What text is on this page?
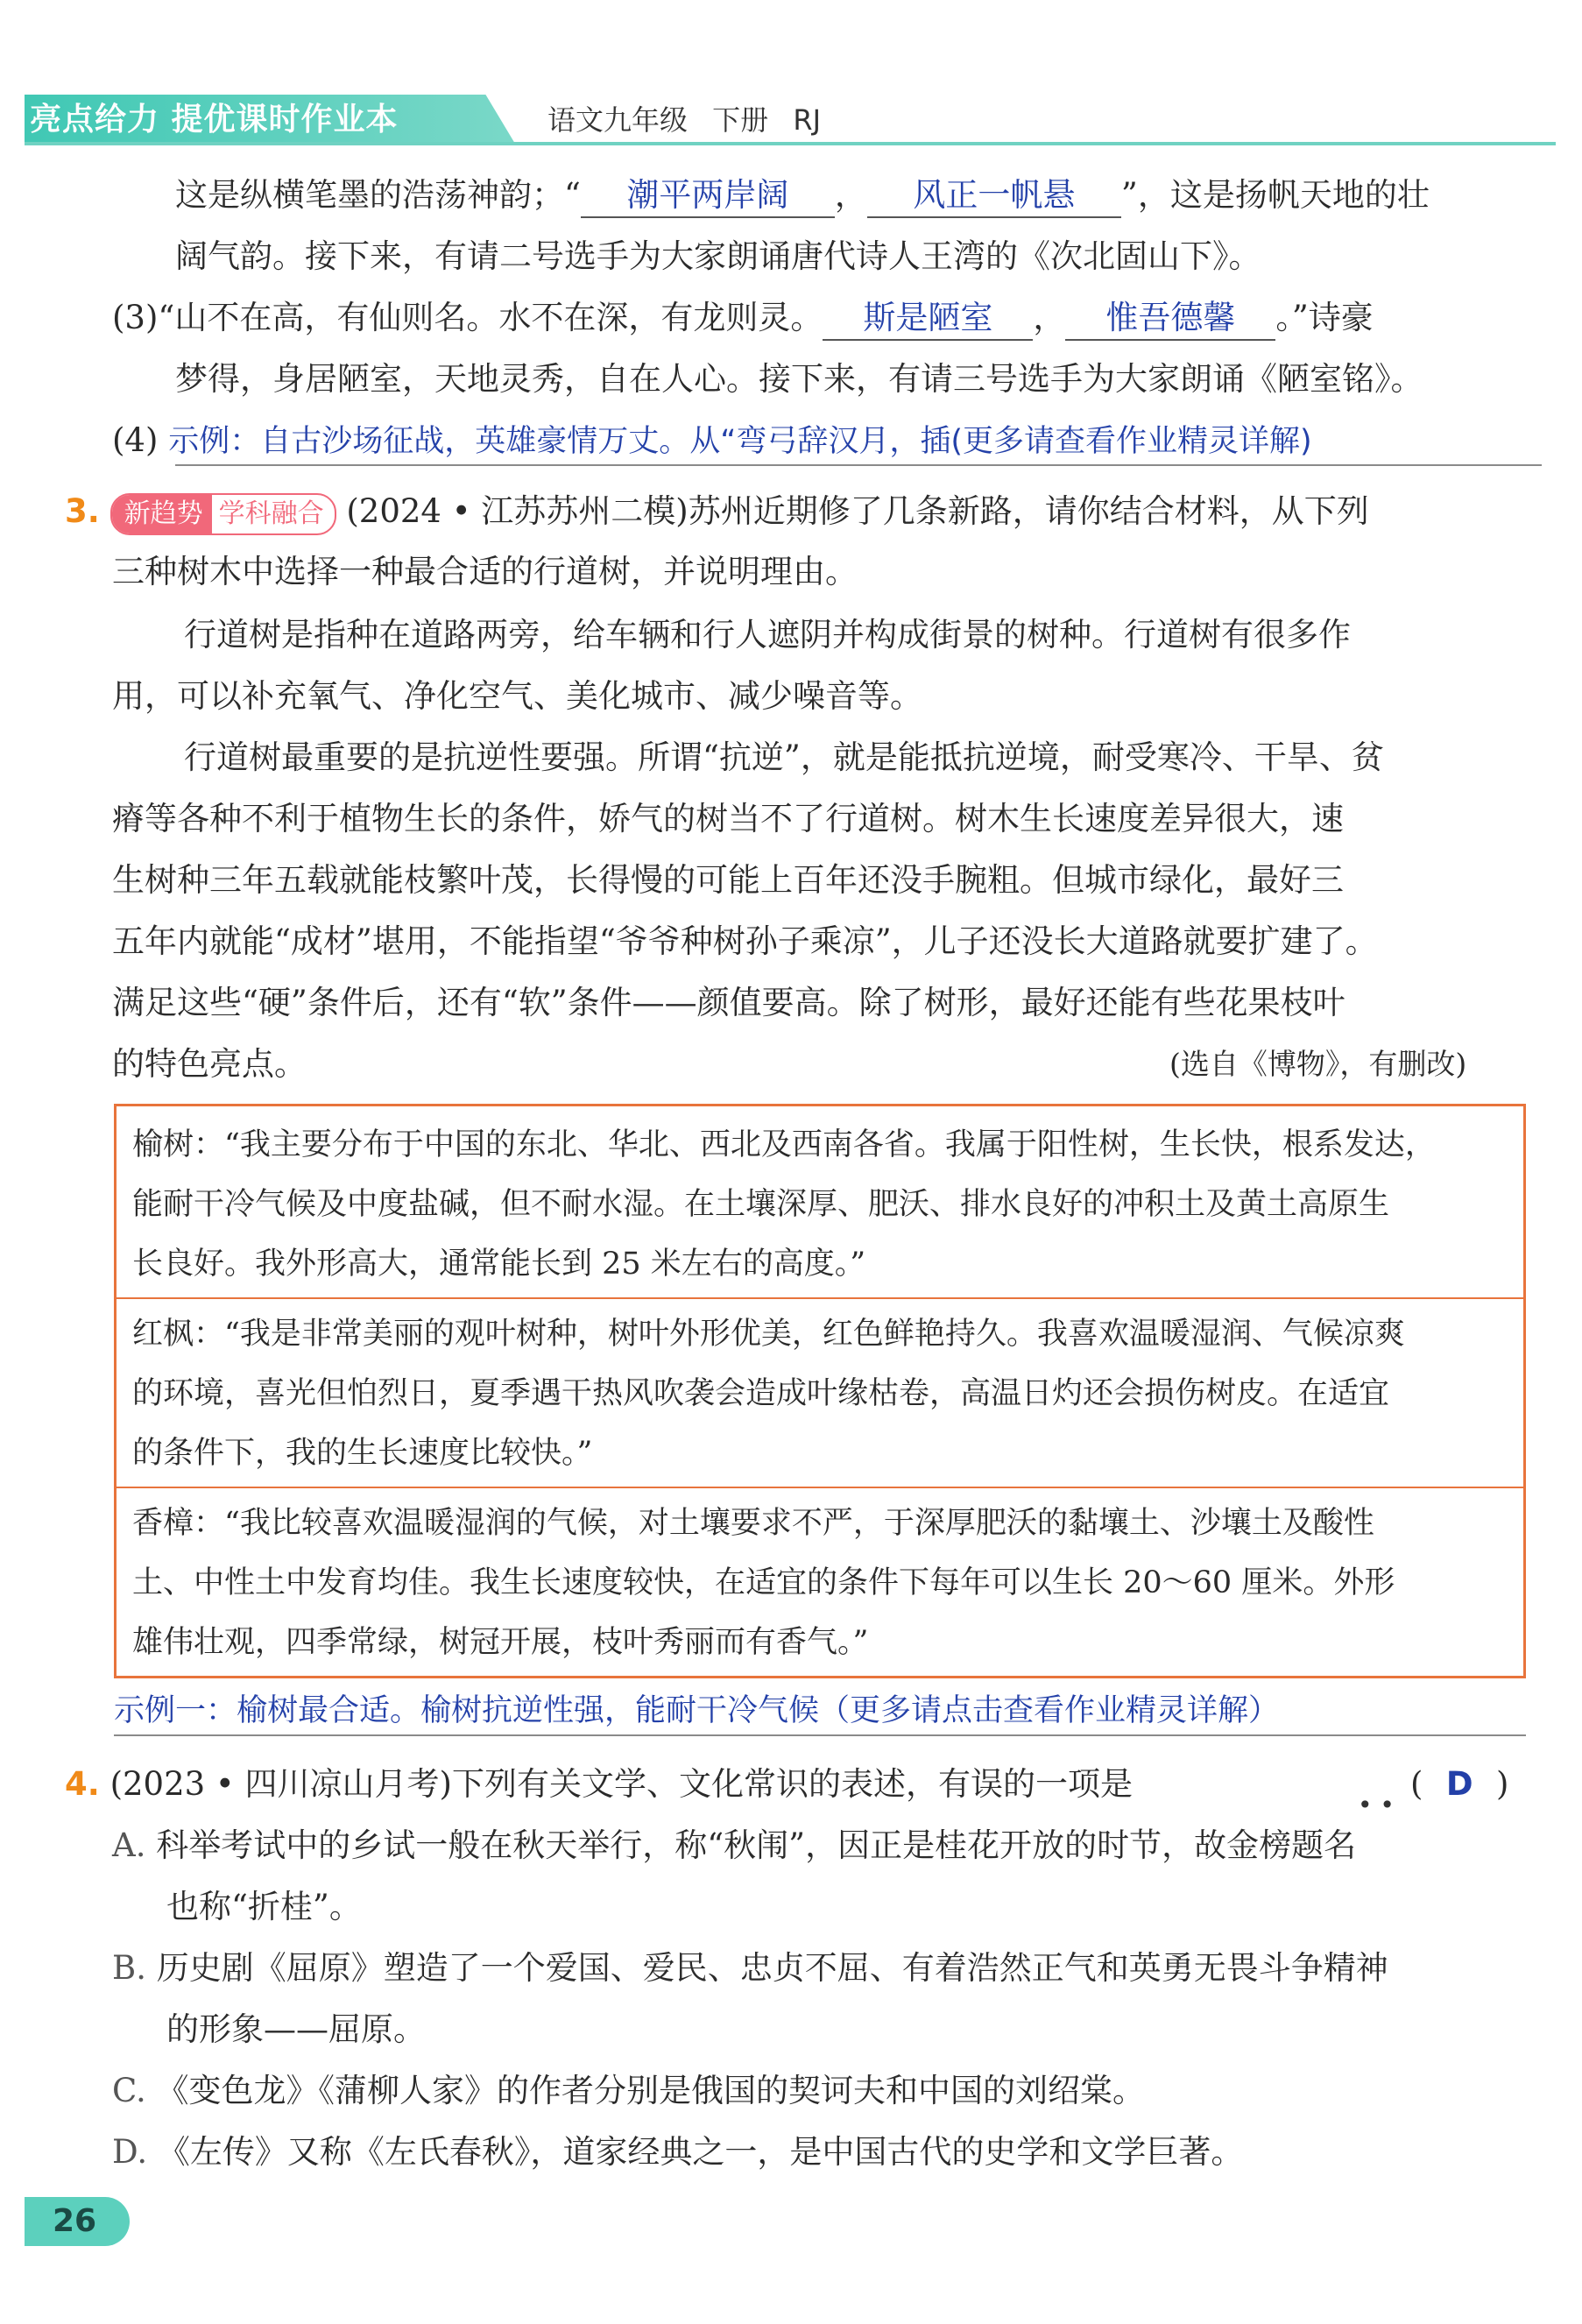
亮点给力 提优课时作业本	语文九年级 下册 RJ
这是纵横笔墨的浩荡神韵；“ 潮平两岸阔 ， 风正一帆悬 ”，这是扬帆天地的壮
阔气韵。接下来，有请二号选手为大家朗诵唐代诗人王湾的《次北固山下》。
(3)“山不在高，有仙则名。水不在深，有龙则灵。 斯是陋室 ， 惟吾德馨 。”诗豪
梦得，身居陋室，天地灵秀，自在人心。接下来，有请三号选手为大家朗诵《陋室铭》。
(4) 示例：自古沙场征战，英雄豪情万丈。从“弯弓辞汉月，插(更多请查看作业精灵详解)
3. 新趋势 学科融合 (2024 • 江苏苏州二模)苏州近期修了几条新路，请你结合材料，从下列
三种树木中选择一种最合适的行道树，并说明理由。
行道树是指种在道路两旁，给车辆和行人遮阴并构成街景的树种。行道树有很多作
用，可以补充氧气、净化空气、美化城市、减少噪音等。
行道树最重要的是抗逆性要强。所谓“抗逆”，就是能抵抗逆境，耐受寒冷、干旱、贫
瘠等各种不利于植物生长的条件，娇气的树当不了行道树。树木生长速度差异很大，速
生树种三年五载就能枝繁叶茂，长得慢的可能上百年还没手腕粗。但城市绿化，最好三
五年内就能“成材”堪用，不能指望“爷爷种树孙子乘凉”，儿子还没长大道路就要扩建了。
满足这些“硬”条件后，还有“软”条件——颜值要高。除了树形，最好还能有些花果枝叶
的特色亮点。	(选自《博物》，有删改)
榆树：“我主要分布于中国的东北、华北、西北及西南各省。我属于阳性树，生长快，根系发达，
能耐干冷气候及中度盐碱，但不耐水湿。在土壤深厚、肥沃、排水良好的冲积土及黄土高原生
长良好。我外形高大，通常能长到 25 米左右的高度。”
红枫：“我是非常美丽的观叶树种，树叶外形优美，红色鲜艳持久。我喜欢温暖湿润、气候凉爽
的环境，喜光但怕烈日，夏季遇干热风吹袭会造成叶缘枯卷，高温日灼还会损伤树皮。在适宜
的条件下，我的生长速度比较快。”
香樟：“我比较喜欢温暖湿润的气候，对土壤要求不严，于深厚肥沃的黏壤土、沙壤土及酸性
土、中性土中发育均佳。我生长速度较快，在适宜的条件下每年可以生长 20～60 厘米。外形
雄伟壮观，四季常绿，树冠开展，枝叶秀丽而有香气。”
示例一：榆树最合适。榆树抗逆性强，能耐干冷气候（更多请点击查看作业精灵详解）
4. (2023 • 四川凉山月考)下列有关文学、文化常识的表述，有误的一项是
• •
( D )
A. 科举考试中的乡试一般在秋天举行，称“秋闱”，因正是桂花开放的时节，故金榜题名
也称“折桂”。
B. 历史剧《屈原》塑造了一个爱国、爱民、忠贞不屈、有着浩然正气和英勇无畏斗争精神
的形象——屈原。
C. 《变色龙》《蒲柳人家》的作者分别是俄国的契诃夫和中国的刘绍棠。
D. 《左传》又称《左氏春秋》，道家经典之一，是中国古代的史学和文学巨著。
26
